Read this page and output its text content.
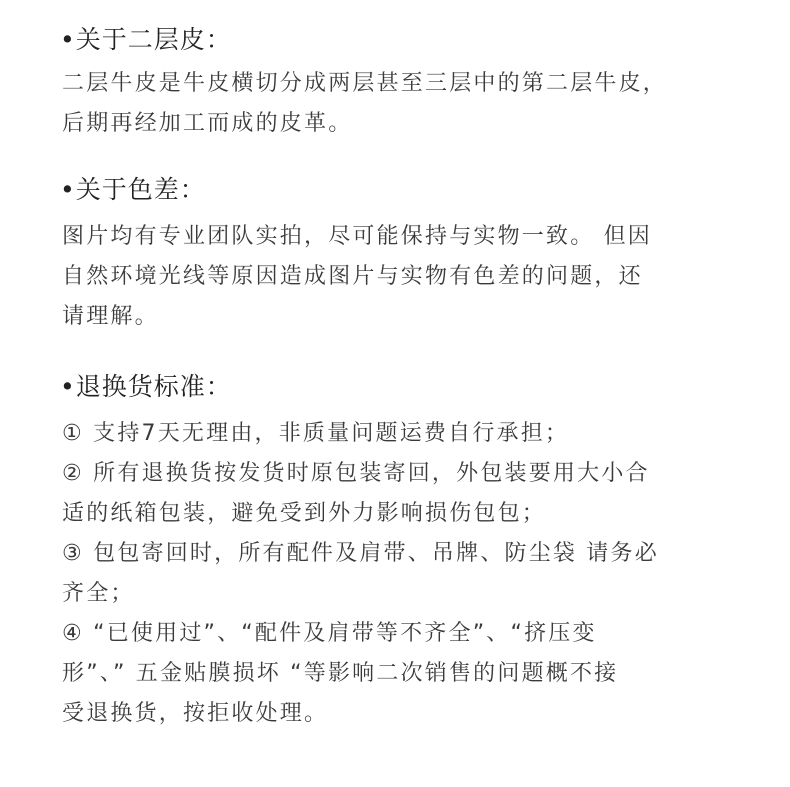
•关于二层皮：
二层牛皮是牛皮横切分成两层甚至三层中的第二层牛皮，
后期再经加工而成的皮革。
•关于色差：
图片均有专业团队实拍，尽可能保持与实物一致。 但因
自然环境光线等原因造成图片与实物有色差的问题，还
请理解。
•退换货标准：
① 支持7天无理由，非质量问题运费自行承担；
② 所有退换货按发货时原包装寄回，外包装要用大小合
适的纸箱包装，避免受到外力影响损伤包包；
③ 包包寄回时，所有配件及肩带、吊牌、防尘袋 请务必
齐全；
④ “已使用过”、“配件及肩带等不齐全”、“挤压变
形”、” 五金贴膜损坏 “等影响二次销售的问题概不接
受退换货，按拒收处理。
